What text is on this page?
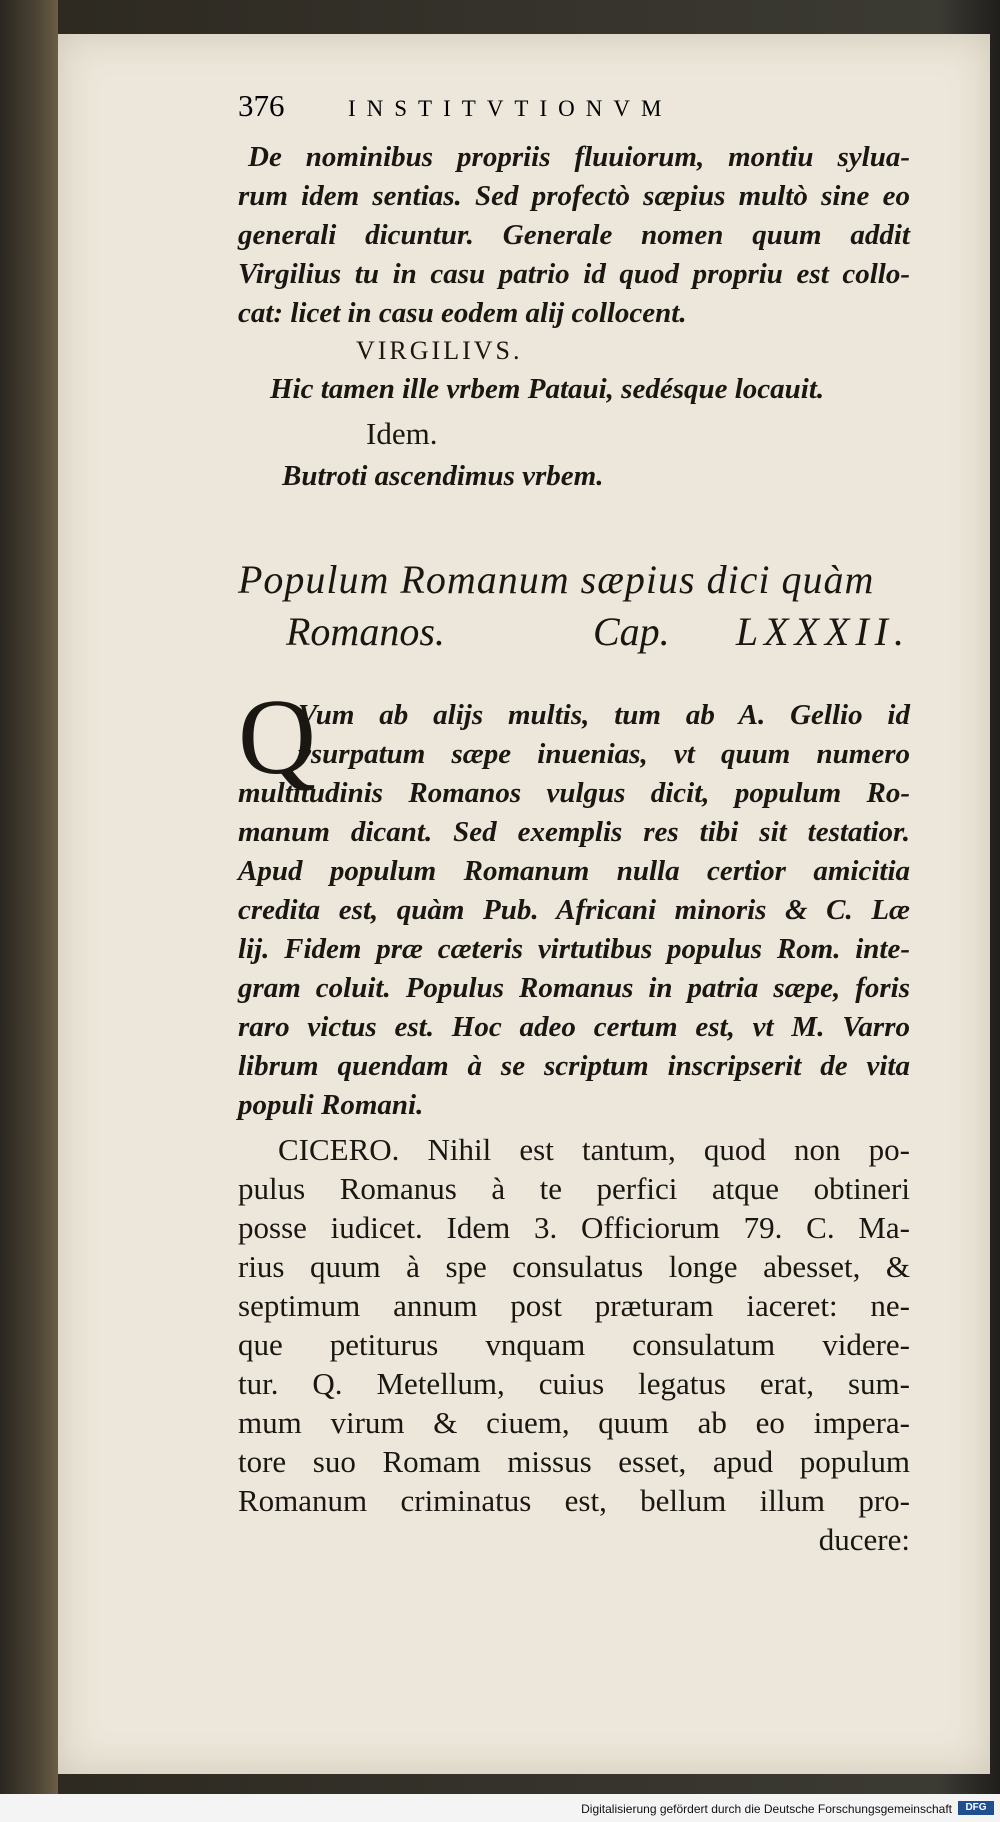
376	INSTITVTIONVM
De nominibus propriis fluuiorum, montiu sylua-
rum idem sentias. Sed profectò sæpius multò sine eo
generali dicuntur. Generale nomen quum addit
Virgilius tu in casu patrio id quod propriu est collo-
cat: licet in casu eodem alij collocent.
VIRGILIVS.
Hic tamen ille vrbem Pataui, sedésque locauit.
Idem.
Butroti ascendimus vrbem.
Populum Romanum sæpius dici quàm
Romanos.	Cap. LXXXII.
Q
Vum ab alijs multis, tum ab A. Gellio id
vsurpatum sæpe inuenias, vt quum numero
multitudinis Romanos vulgus dicit, populum Ro-
manum dicant. Sed exemplis res tibi sit testatior.
Apud populum Romanum nulla certior amicitia
credita est, quàm Pub. Africani minoris & C. Læ
lij. Fidem præ cæteris virtutibus populus Rom. inte-
gram coluit. Populus Romanus in patria sæpe, foris
raro victus est. Hoc adeo certum est, vt M. Varro
librum quendam à se scriptum inscripserit de vita
populi Romani.
CICERO. Nihil est tantum, quod non po-
pulus Romanus à te perfici atque obtineri
posse iudicet. Idem 3. Officiorum 79. C. Ma-
rius quum à spe consulatus longe abesset, &
septimum annum post præturam iaceret: ne-
que petiturus vnquam consulatum videre-
tur. Q. Metellum, cuius legatus erat, sum-
mum virum & ciuem, quum ab eo impera-
tore suo Romam missus esset, apud populum
Romanum criminatus est, bellum illum pro-
ducere:
Digitalisierung gefördert durch die Deutsche Forschungsgemeinschaft	DFG
